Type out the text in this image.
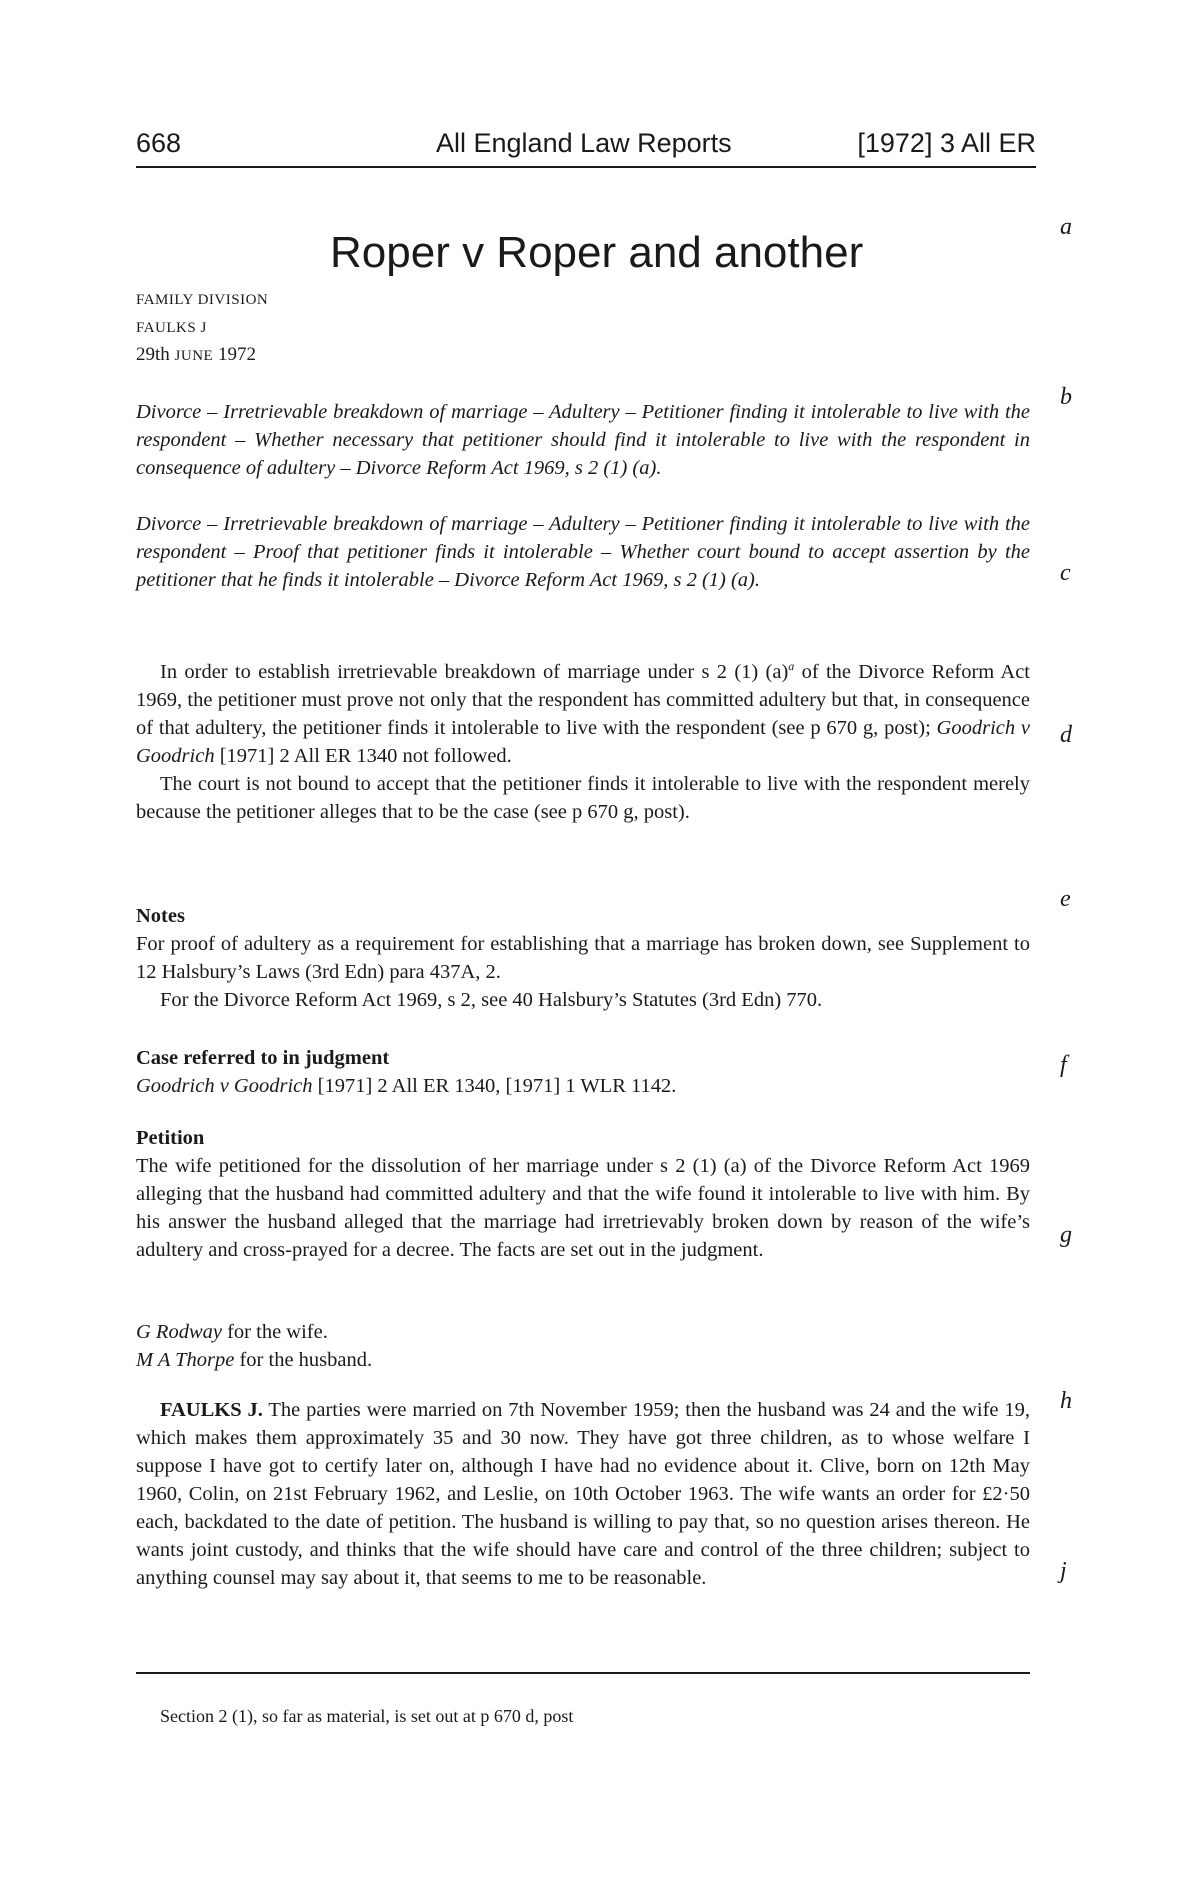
668	All England Law Reports	[1972] 3 All ER
Roper v Roper and another
FAMILY DIVISION
FAULKS J
29th JUNE 1972
Divorce – Irretrievable breakdown of marriage – Adultery – Petitioner finding it intolerable to live with the respondent – Whether necessary that petitioner should find it intolerable to live with the respondent in consequence of adultery – Divorce Reform Act 1969, s 2 (1) (a).
Divorce – Irretrievable breakdown of marriage – Adultery – Petitioner finding it intolerable to live with the respondent – Proof that petitioner finds it intolerable – Whether court bound to accept assertion by the petitioner that he finds it intolerable – Divorce Reform Act 1969, s 2 (1) (a).

In order to establish irretrievable breakdown of marriage under s 2 (1) $(a)^a$ of the Divorce Reform Act 1969, the petitioner must prove not only that the respondent has committed adultery but that, in consequence of that adultery, the petitioner finds it intolerable to live with the respondent (see p 670 g, post); Goodrich v Goodrich [1971] 2 All ER 1340 not followed.

The court is not bound to accept that the petitioner finds it intolerable to live with the respondent merely because the petitioner alleges that to be the case (see p 670 g, post).

Notes

For proof of adultery as a requirement for establishing that a marriage has broken down, see Supplement to 12 Halsbury’s Laws (3rd Edn) para 437A, 2.

For the Divorce Reform Act 1969, s 2, see 40 Halsbury’s Statutes (3rd Edn) 770.

Case referred to in judgment

Goodrich v Goodrich [1971] 2 All ER 1340, [1971] 1 WLR 1142.

Petition

The wife petitioned for the dissolution of her marriage under s 2 (1) (a) of the Divorce Reform Act 1969 alleging that the husband had committed adultery and that the wife found it intolerable to live with him. By his answer the husband alleged that the marriage had irretrievably broken down by reason of the wife’s adultery and cross-prayed for a decree. The facts are set out in the judgment.

G Rodway for the wife.

M A Thorpe for the husband.

FAULKS J. The parties were married on 7th November 1959; then the husband was 24 and the wife 19, which makes them approximately 35 and 30 now. They have got three children, as to whose welfare I suppose I have got to certify later on, although I have had no evidence about it. Clive, born on 12th May 1960, Colin, on 21st February 1962, and Leslie, on 10th October 1963. The wife wants an order for £2·50 each, backdated to the date of petition. The husband is willing to pay that, so no question arises thereon. He wants joint custody, and thinks that the wife should have care and control of the three children; subject to anything counsel may say about it, that seems to me to be reasonable.

Section 2 (1), so far as material, is set out at p 670 d, post
a
b
c
d
e
f
g
h
j
